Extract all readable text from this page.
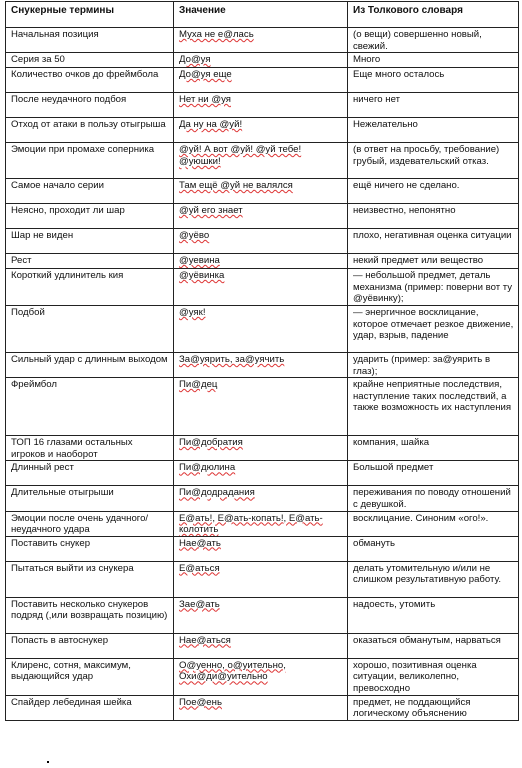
Снукерные термины	Значение	Из Толкового словаря
Начальная позиция	Муха не е@лась	(о вещи) совершенно новый, свежий.
Серия за 50	До@уя	Много
Количество очков до фреймбола	До@уя еще	Еще много осталось
После неудачного подбоя	Нет ни @уя	ничего нет
Отход от атаки в пользу отыгрыша	Да ну на @уй!	Нежелательно
Эмоции при промахе соперника	@уй! А вот @уй! @уй тебе! @уюшки!	(в ответ на просьбу, требование) грубый, издевательский отказ.
Самое начало серии	Там ещё @уй не валялся	ещё ничего не сделано.
Неясно, проходит ли шар	@уй его знает	неизвестно, непонятно
Шар не виден	@уёво	плохо, негативная оценка ситуации
Рест	@уевина	некий предмет или вещество
Короткий удлинитель кия	@уёвинка	— небольшой предмет, деталь механизма (пример: поверни вот ту @уёвинку);
Подбой	@уяк!	— энергичное восклицание, которое отмечает резкое движение, удар, взрыв, падение
Сильный удар с длинным выходом	За@уярить, за@уячить	ударить (пример: за@уярить в глаз);
Фреймбол	Пи@дец	крайне неприятные последствия, наступление таких последствий, а также возможность их наступления
ТОП 16 глазами остальных игроков и наоборот	Пи@добратия	компания, шайка
Длинный рест	Пи@дюлина	Большой предмет
Длительные отыгрыши	Пи@додрадания	переживания по поводу отношений с девушкой.
Эмоции после очень удачного/неудачного удара	Е@ать!, Е@ать-копать!, Е@ать-колотить	восклицание. Синоним «ого!».
Поставить снукер	Нае@ать	обмануть
Пытаться выйти из снукера	Е@аться	делать утомительную и/или не слишком результативную работу.
Поставить несколько снукеров подряд (,или возвращать позицию)	Зае@ать	надоесть, утомить
Попасть в автоснукер	Нае@аться	оказаться обманутым, нарваться
Клиренс, сотня, максимум, выдающийся удар	О@уенно, о@уительно, Охи@ди@уительно	хорошо, позитивная оценка ситуации, великолепно, превосходно
Спайдер лебединая шейка	Пое@ень	предмет, не поддающийся логическому объяснению
